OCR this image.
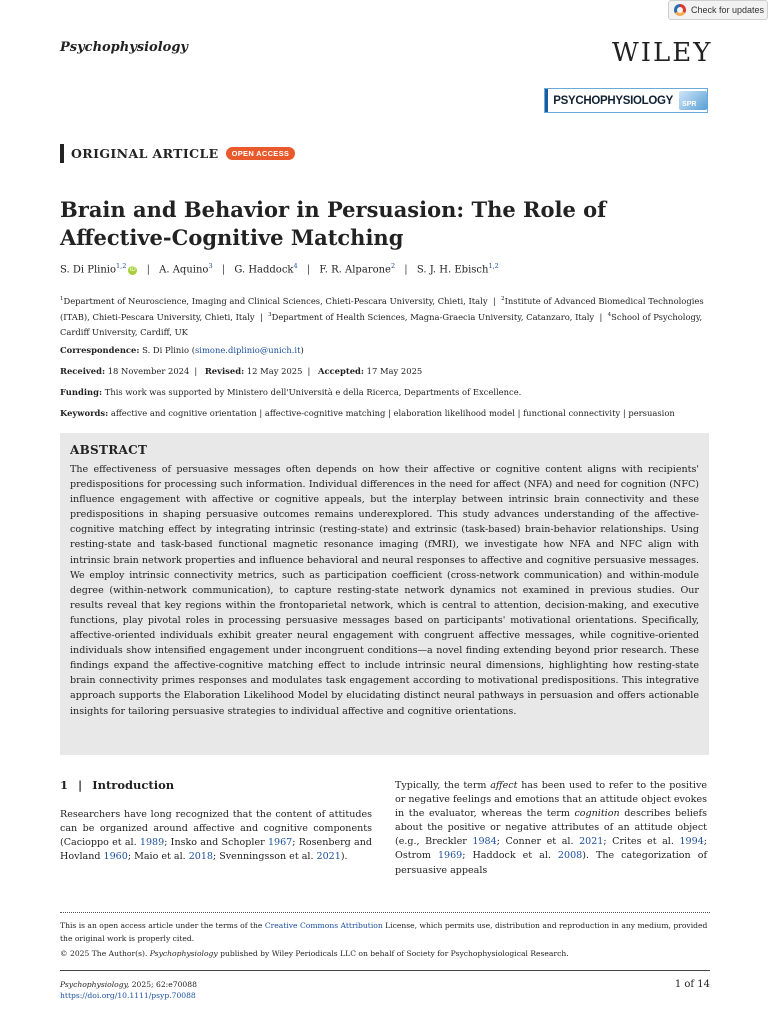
Check for updates
Psychophysiology	WILEY
PSYCHOPHYSIOLOGY	SPR
ORIGINAL ARTICLE	OPEN ACCESS
Brain and Behavior in Persuasion: The Role of
Affective-Cognitive Matching
S. Di Plinio$^{1,2}$iD | A. Aquino$^3$ | G. Haddock$^4$ | F. R. Alparone$^2$ | S. J. H. Ebisch$^{1,2}$
$^1$Department of Neuroscience, Imaging and Clinical Sciences, Chieti-Pescara University, Chieti, Italy  |  $^2$Institute of Advanced Biomedical Technologies (ITAB), Chieti-Pescara University, Chieti, Italy  |  $^3$Department of Health Sciences, Magna-Graecia University, Catanzaro, Italy  |  $^4$School of Psychology, Cardiff University, Cardiff, UK
Correspondence: S. Di Plinio (simone.diplinio@unich.it)
Received: 18 November 2024 | Revised: 12 May 2025 | Accepted: 17 May 2025
Funding: This work was supported by Ministero dell'Università e della Ricerca, Departments of Excellence.
Keywords: affective and cognitive orientation | affective-cognitive matching | elaboration likelihood model | functional connectivity | persuasion
ABSTRACT

The effectiveness of persuasive messages often depends on how their affective or cognitive content aligns with recipients' predispositions for processing such information. Individual differences in the need for affect (NFA) and need for cognition (NFC) influence engagement with affective or cognitive appeals, but the interplay between intrinsic brain connectivity and these predispositions in shaping persuasive outcomes remains underexplored. This study advances understanding of the affective-cognitive matching effect by integrating intrinsic (resting-state) and extrinsic (task-based) brain-behavior relationships. Using resting-state and task-based functional magnetic resonance imaging (fMRI), we investigate how NFA and NFC align with intrinsic brain network properties and influence behavioral and neural responses to affective and cognitive persuasive messages. We employ intrinsic connectivity metrics, such as participation coefficient (cross-network communication) and within-module degree (within-network communication), to capture resting-state network dynamics not examined in previous studies. Our results reveal that key regions within the frontoparietal network, which is central to attention, decision-making, and executive functions, play pivotal roles in processing persuasive messages based on participants' motivational orientations. Specifically, affective-oriented individuals exhibit greater neural engagement with congruent affective messages, while cognitive-oriented individuals show intensified engagement under incongruent conditions—a novel finding extending beyond prior research. These findings expand the affective-cognitive matching effect to include intrinsic neural dimensions, highlighting how resting-state brain connectivity primes responses and modulates task engagement according to motivational predispositions. This integrative approach supports the Elaboration Likelihood Model by elucidating distinct neural pathways in persuasion and offers actionable insights for tailoring persuasive strategies to individual affective and cognitive orientations.

1 | Introduction
Researchers have long recognized that the content of attitudes can be organized around affective and cognitive components (Cacioppo et al. 1989; Insko and Schopler 1967; Rosenberg and Hovland 1960; Maio et al. 2018; Svenningsson et al. 2021).
Typically, the term affect has been used to refer to the positive or negative feelings and emotions that an attitude object evokes in the evaluator, whereas the term cognition describes beliefs about the positive or negative attributes of an attitude object (e.g., Breckler 1984; Conner et al. 2021; Crites et al. 1994; Ostrom 1969; Haddock et al. 2008). The categorization of persuasive appeals
This is an open access article under the terms of the Creative Commons Attribution License, which permits use, distribution and reproduction in any medium, provided the original work is properly cited.
© 2025 The Author(s). Psychophysiology published by Wiley Periodicals LLC on behalf of Society for Psychophysiological Research.
Psychophysiology, 2025; 62:e70088
https://doi.org/10.1111/psyp.70088
1 of 14
